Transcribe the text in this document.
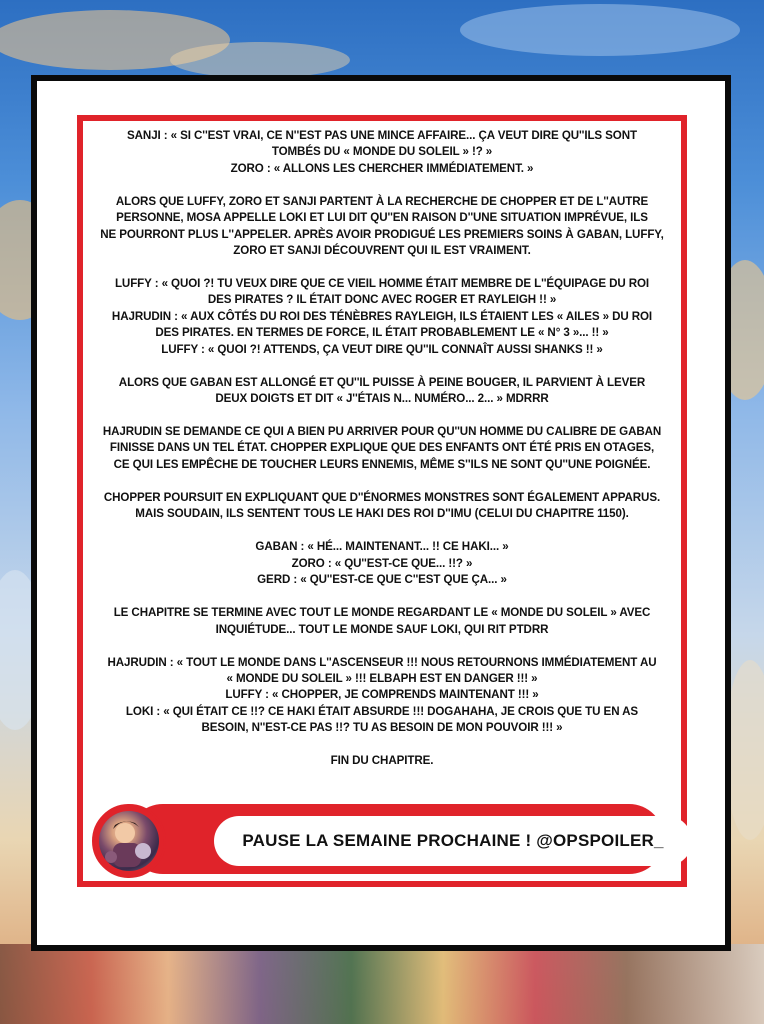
SANJI : « SI C''EST VRAI, CE N''EST PAS UNE MINCE AFFAIRE... ÇA VEUT DIRE QU''ILS SONT
TOMBÉS DU « MONDE DU SOLEIL » !? »
ZORO : « ALLONS LES CHERCHER IMMÉDIATEMENT. »

ALORS QUE LUFFY, ZORO ET SANJI PARTENT À LA RECHERCHE DE CHOPPER ET DE L''AUTRE
PERSONNE, MOSA APPELLE LOKI ET LUI DIT QU''EN RAISON D''UNE SITUATION IMPRÉVUE, ILS
NE POURRONT PLUS L''APPELER. APRÈS AVOIR PRODIGUÉ LES PREMIERS SOINS À GABAN, LUFFY,
ZORO ET SANJI DÉCOUVRENT QUI IL EST VRAIMENT.

LUFFY : « QUOI ?! TU VEUX DIRE QUE CE VIEIL HOMME ÉTAIT MEMBRE DE L''ÉQUIPAGE DU ROI
DES PIRATES ? IL ÉTAIT DONC AVEC ROGER ET RAYLEIGH !! »
HAJRUDIN : « AUX CÔTÉS DU ROI DES TÉNÈBRES RAYLEIGH, ILS ÉTAIENT LES « AILES » DU ROI
DES PIRATES. EN TERMES DE FORCE, IL ÉTAIT PROBABLEMENT LE « N° 3 »... !! »
LUFFY : « QUOI ?! ATTENDS, ÇA VEUT DIRE QU''IL CONNAÎT AUSSI SHANKS !! »

ALORS QUE GABAN EST ALLONGÉ ET QU''IL PUISSE À PEINE BOUGER, IL PARVIENT À LEVER
DEUX DOIGTS ET DIT « J''ÉTAIS N... NUMÉRO... 2... » MDRRR

HAJRUDIN SE DEMANDE CE QUI A BIEN PU ARRIVER POUR QU''UN HOMME DU CALIBRE DE GABAN
FINISSE DANS UN TEL ÉTAT. CHOPPER EXPLIQUE QUE DES ENFANTS ONT ÉTÉ PRIS EN OTAGES,
CE QUI LES EMPÊCHE DE TOUCHER LEURS ENNEMIS, MÊME S''ILS NE SONT QU''UNE POIGNÉE.

CHOPPER POURSUIT EN EXPLIQUANT QUE D''ÉNORMES MONSTRES SONT ÉGALEMENT APPARUS.
MAIS SOUDAIN, ILS SENTENT TOUS LE HAKI DES ROI D''IMU (CELUI DU CHAPITRE 1150).

GABAN : « HÉ... MAINTENANT... !! CE HAKI... »
ZORO : « QU''EST-CE QUE... !!? »
GERD : « QU''EST-CE QUE C''EST QUE ÇA... »

LE CHAPITRE SE TERMINE AVEC TOUT LE MONDE REGARDANT LE « MONDE DU SOLEIL » AVEC
INQUIÉTUDE... TOUT LE MONDE SAUF LOKI, QUI RIT PTDRR

HAJRUDIN : « TOUT LE MONDE DANS L''ASCENSEUR !!! NOUS RETOURNONS IMMÉDIATEMENT AU
« MONDE DU SOLEIL » !!! ELBAPH EST EN DANGER !!! »
LUFFY : « CHOPPER, JE COMPRENDS MAINTENANT !!! »
LOKI : « QUI ÉTAIT CE !!? CE HAKI ÉTAIT ABSURDE !!! DOGAHAHA, JE CROIS QUE TU EN AS
BESOIN, N''EST-CE PAS !!? TU AS BESOIN DE MON POUVOIR !!! »

FIN DU CHAPITRE.

PAUSE LA SEMAINE PROCHAINE ! @OPSPOILER_
